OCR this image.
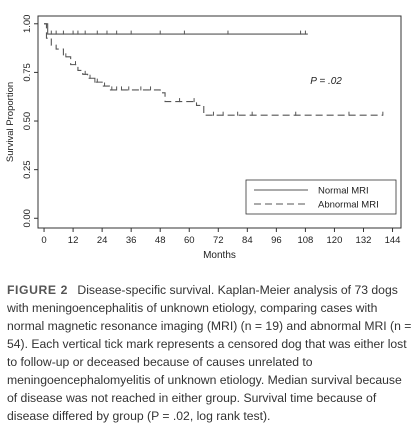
0 12 24 36 48 60 72 84 96 108 120 132 144
Months
0.00
0.25
0.50
0.75
1.00
Survival Proportion
P = .02
Normal MRI
Abnormal MRI
FIGURE 2 Disease-specific survival. Kaplan-Meier analysis of 73 dogs with meningoencephalitis of unknown etiology, comparing cases with normal magnetic resonance imaging (MRI) (n = 19) and abnormal MRI (n = 54). Each vertical tick mark represents a censored dog that was either lost to follow-up or deceased because of causes unrelated to meningoencephalomyelitis of unknown etiology. Median survival because of disease was not reached in either group. Survival time because of disease differed by group (P = .02, log rank test).
